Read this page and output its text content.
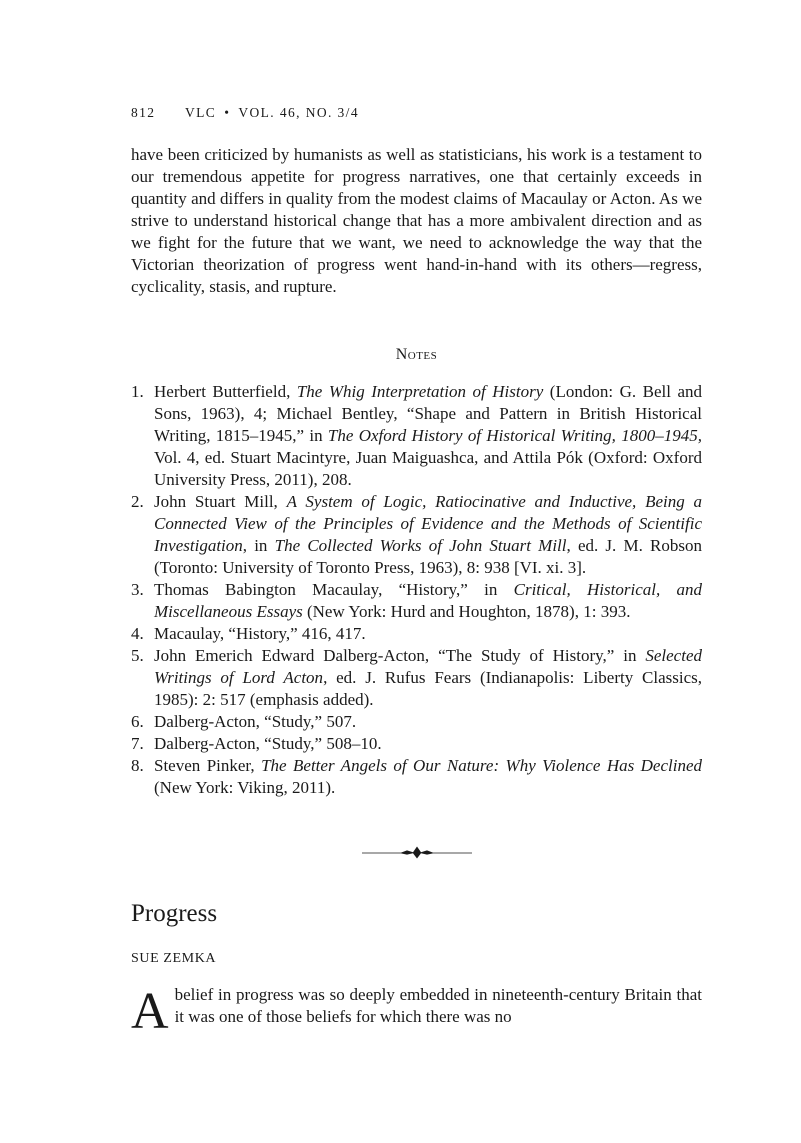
812 VLC • VOL. 46, NO. 3/4

have been criticized by humanists as well as statisticians, his work is a testament to our tremendous appetite for progress narratives, one that certainly exceeds in quantity and differs in quality from the modest claims of Macaulay or Acton. As we strive to understand historical change that has a more ambivalent direction and as we fight for the future that we want, we need to acknowledge the way that the Victorian theorization of progress went hand-in-hand with its others—regress, cyclicality, stasis, and rupture.

Notes
1. Herbert Butterfield, The Whig Interpretation of History (London: G. Bell and Sons, 1963), 4; Michael Bentley, “Shape and Pattern in British Historical Writing, 1815–1945,” in The Oxford History of Historical Writing, 1800–1945, Vol. 4, ed. Stuart Macintyre, Juan Maiguashca, and Attila Pók (Oxford: Oxford University Press, 2011), 208.
2. John Stuart Mill, A System of Logic, Ratiocinative and Inductive, Being a Connected View of the Principles of Evidence and the Methods of Scientific Investigation, in The Collected Works of John Stuart Mill, ed. J. M. Robson (Toronto: University of Toronto Press, 1963), 8: 938 [VI. xi. 3].
3. Thomas Babington Macaulay, “History,” in Critical, Historical, and Miscellaneous Essays (New York: Hurd and Houghton, 1878), 1: 393.
4. Macaulay, “History,” 416, 417.
5. John Emerich Edward Dalberg-Acton, “The Study of History,” in Selected Writings of Lord Acton, ed. J. Rufus Fears (Indianapolis: Liberty Classics, 1985): 2: 517 (emphasis added).
6. Dalberg-Acton, “Study,” 507.
7. Dalberg-Acton, “Study,” 508–10.
8. Steven Pinker, The Better Angels of Our Nature: Why Violence Has Declined (New York: Viking, 2011).
Progress
SUE ZEMKA

Abelief in progress was so deeply embedded in nineteenth-century Britain that it was one of those beliefs for which there was no
